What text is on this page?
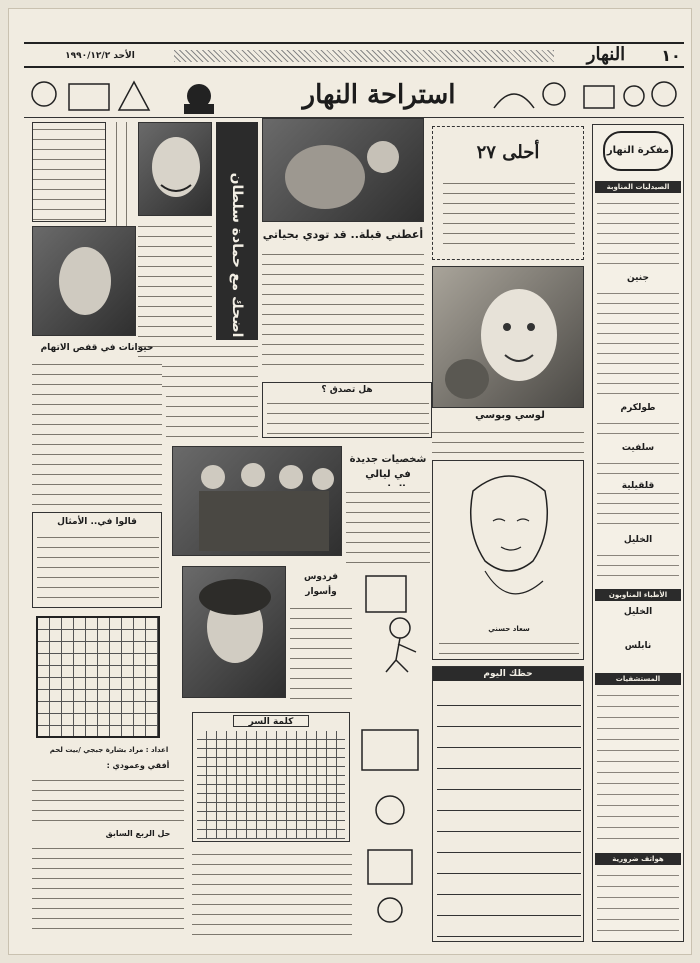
١٠
النهار
الأحد ١٩٩٠/١٢/٢
استراحة النهار
مفكرة النهار
الصيدليات المناوبة
جنين
طولكرم
سلفيت
قلقيلية
الخليل
الأطباء المناوبون
الخليل
نابلس
المستشفيات
هواتف ضرورية
أحلى ٢٧
لوسي وبوسي
سعاد حسني
حظك اليوم
أعطني قبلة.. قد تودي بحياتي
اضحك مع حمادة سلطان
حيوانات في قفص الاتهام
قالوا في.. الأمثال
هل تصدق ؟
شخصيات جديدة في ليالي
فردوس وأسوار
اعداد : مراد بشارة جبجي /بيت لحم
أفقي وعمودي :
حل الربع السابق
كلمة السر
